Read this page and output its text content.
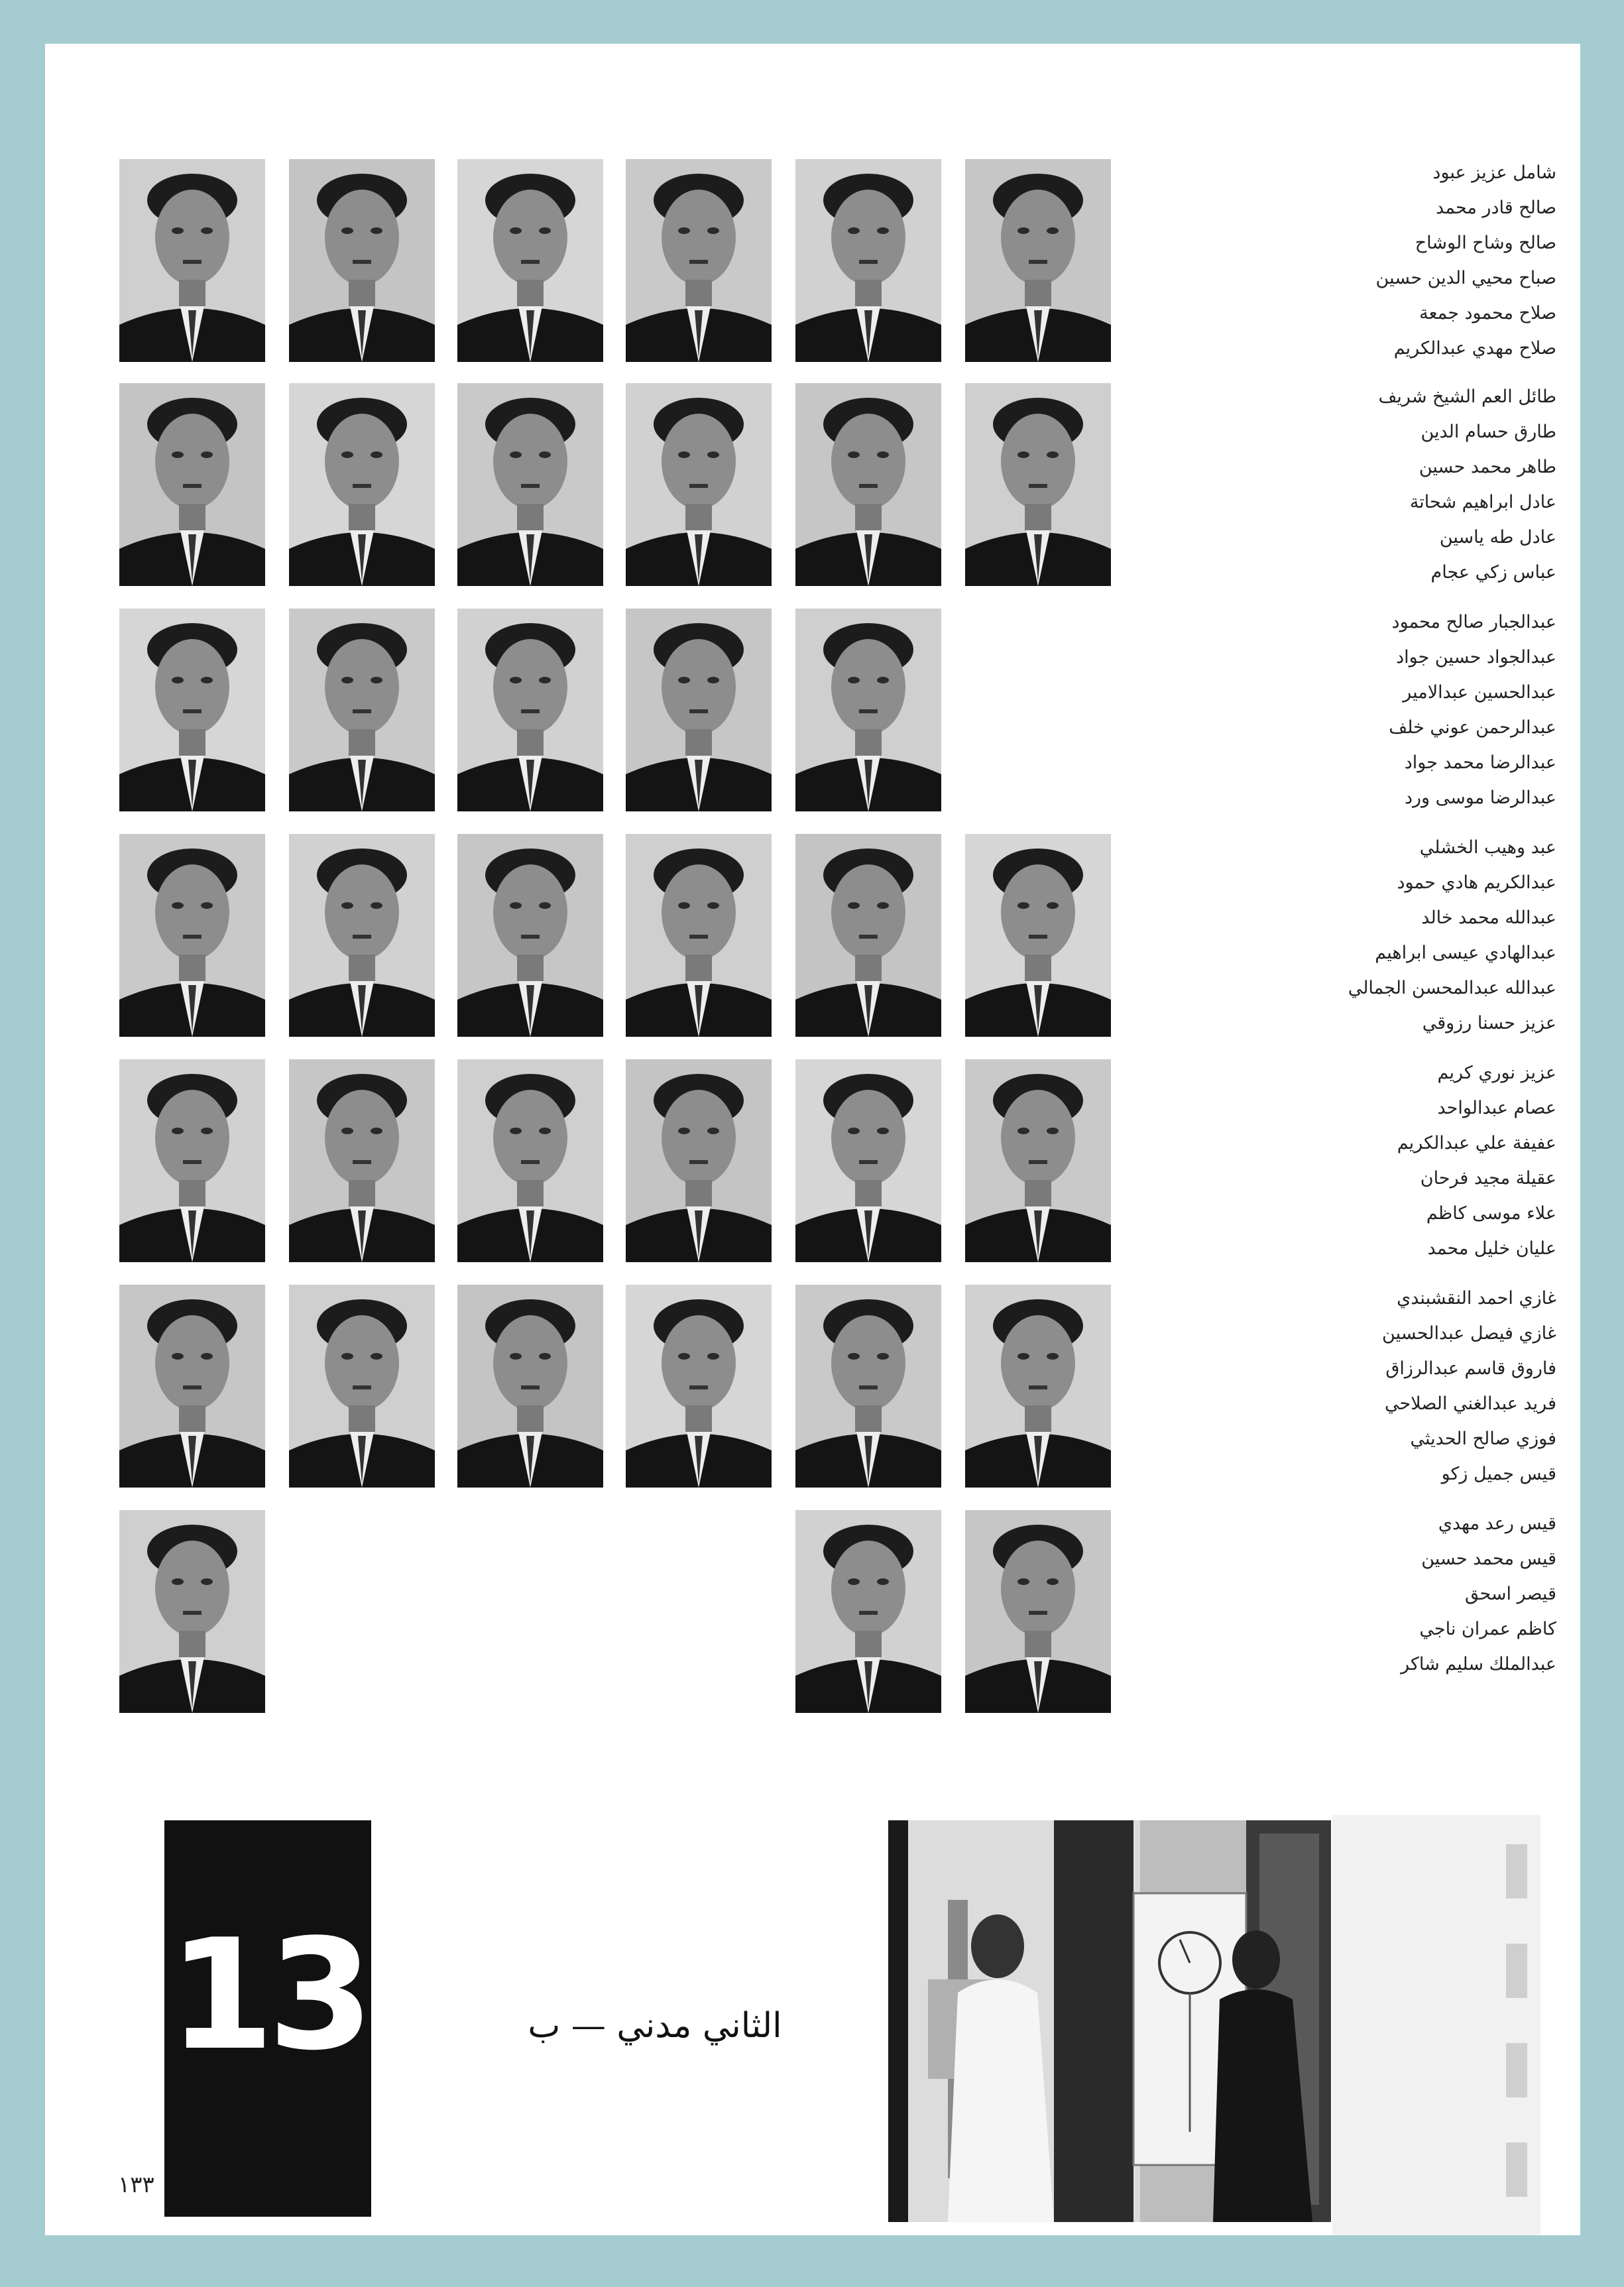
شامل عزيز عبود
صالح قادر محمد
صالح وشاح الوشاح
صباح محيي الدين حسين
صلاح محمود جمعة
صلاح مهدي عبدالكريم
طائل العم الشيخ شريف
طارق حسام الدين
طاهر محمد حسين
عادل ابراهيم شحاتة
عادل طه ياسين
عباس زكي عجام
عبدالجبار صالح محمود
عبدالجواد حسين جواد
عبدالحسين عبدالامير
عبدالرحمن عوني خلف
عبدالرضا محمد جواد
عبدالرضا موسى ورد
عبد وهيب الخشلي
عبدالكريم هادي حمود
عبدالله محمد خالد
عبدالهادي عيسى ابراهيم
عبدالله عبدالمحسن الجمالي
عزيز حسنا رزوقي
عزيز نوري كريم
عصام عبدالواحد
عفيفة علي عبدالكريم
عقيلة مجيد فرحان
علاء موسى كاظم
عليان خليل محمد
غازي احمد النقشبندي
غازي فيصل عبدالحسين
فاروق قاسم عبدالرزاق
فريد عبدالغني الصلاحي
فوزي صالح الحديثي
قيس جميل زكو
قيس رعد مهدي
قيس محمد حسين
قيصر اسحق
كاظم عمران ناجي
عبدالملك سليم شاكر
13	الثاني مدني — ب
١٣٣
